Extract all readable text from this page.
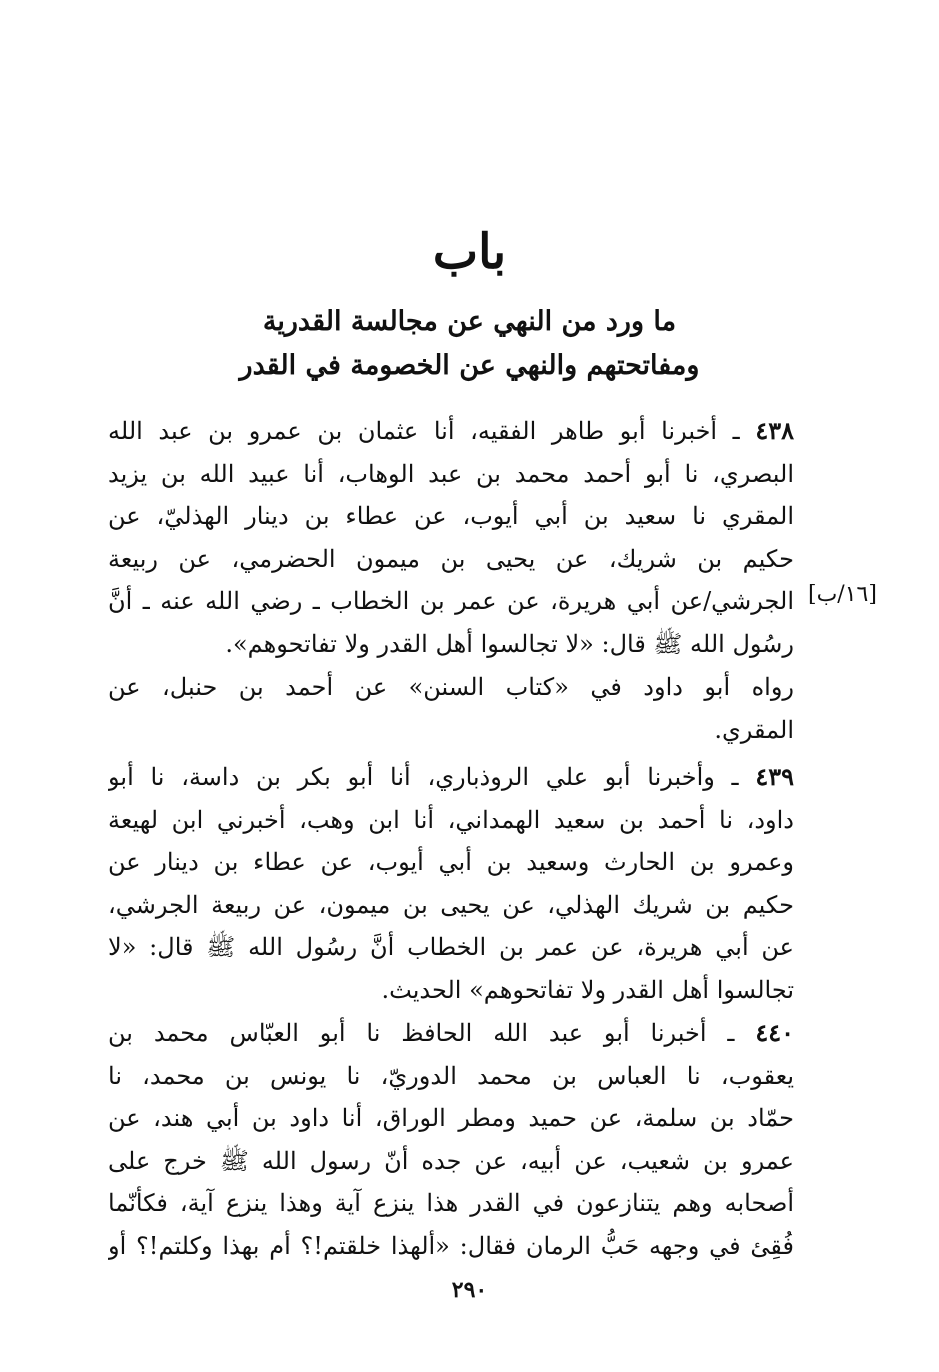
باب
ما ورد من النهي عن مجالسة القدرية
ومفاتحتهم والنهي عن الخصومة في القدر
٤٣٨ ـ أخبرنا أبو طاهر الفقيه، أنا عثمان بن عمرو بن عبد الله
البصري، نا أبو أحمد محمد بن عبد الوهاب، أنا عبيد الله بن يزيد
المقري نا سعيد بن أبي أيوب، عن عطاء بن دينار الهذليّ، عن
حكيم بن شريك، عن يحيى بن ميمون الحضرمي، عن ربيعة
الجرشي/عن أبي هريرة، عن عمر بن الخطاب ـ رضي الله عنه ـ أنَّ
رسُول الله ﷺ قال: «لا تجالسوا أهل القدر ولا تفاتحوهم».
[١٦/ب]
رواه أبو داود في «كتاب السنن» عن أحمد بن حنبل، عن
المقري.
٤٣٩ ـ وأخبرنا أبو علي الروذباري، أنا أبو بكر بن داسة، نا أبو
داود، نا أحمد بن سعيد الهمداني، أنا ابن وهب، أخبرني ابن لهيعة
وعمرو بن الحارث وسعيد بن أبي أيوب، عن عطاء بن دينار عن
حكيم بن شريك الهذلي، عن يحيى بن ميمون، عن ربيعة الجرشي،
عن أبي هريرة، عن عمر بن الخطاب أنَّ رسُول الله ﷺ قال: «لا
تجالسوا أهل القدر ولا تفاتحوهم» الحديث.
٤٤٠ ـ أخبرنا أبو عبد الله الحافظ نا أبو العبّاس محمد بن
يعقوب، نا العباس بن محمد الدوريّ، نا يونس بن محمد، نا
حمّاد بن سلمة، عن حميد ومطر الوراق، أنا داود بن أبي هند، عن
عمرو بن شعيب، عن أبيه، عن جده أنّ رسول الله ﷺ خرج على
أصحابه وهم يتنازعون في القدر هذا ينزع آية وهذا ينزع آية، فكأنّما
فُقِئ في وجهه حَبُّ الرمان فقال: «ألهذا خلقتم!؟ أم بهذا وكلتم!؟ أو
٢٩٠
